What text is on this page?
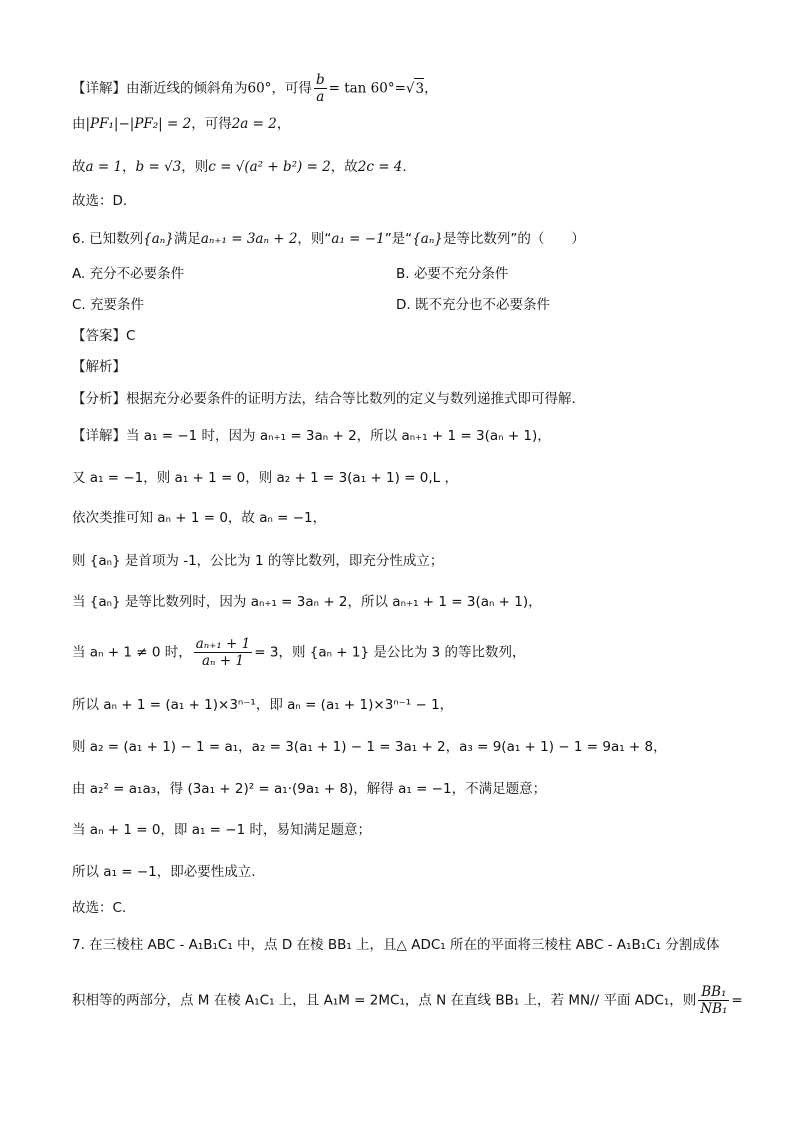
【详解】由渐近线的倾斜角为60°，可得 $\frac{b}{a} = \tan 60^\circ=√3$，
由|PF₁|−|PF₂| = 2，可得2a = 2，
故a = 1，b = √3，则c = √(a² + b²) = 2，故2c = 4.
故选：D.
6. 已知数列{aₙ}满足aₙ₊₁ = 3aₙ + 2，则“a₁ = −1”是“{aₙ}是等比数列”的（　　）
A. 充分不必要条件	B. 必要不充分条件
C. 充要条件	D. 既不充分也不必要条件
【答案】C
【解析】
【分析】根据充分必要条件的证明方法，结合等比数列的定义与数列递推式即可得解.
【详解】当 a₁ = −1 时，因为 aₙ₊₁ = 3aₙ + 2，所以 aₙ₊₁ + 1 = 3(aₙ + 1)，
又 a₁ = −1，则 a₁ + 1 = 0，则 a₂ + 1 = 3(a₁ + 1) = 0,L ，
依次类推可知 aₙ + 1 = 0，故 aₙ = −1，
则 {aₙ} 是首项为 -1，公比为 1 的等比数列，即充分性成立；
当 {aₙ} 是等比数列时，因为 aₙ₊₁ = 3aₙ + 2，所以 aₙ₊₁ + 1 = 3(aₙ + 1)，
当 aₙ + 1 ≠ 0 时， $\frac{\text{aₙ₊₁ + 1}}{\text{aₙ + 1}} = 3$，则 {aₙ + 1} 是公比为 3 的等比数列，
所以 aₙ + 1 = (a₁ + 1)×3ⁿ⁻¹，即 aₙ = (a₁ + 1)×3ⁿ⁻¹ − 1，
则 a₂ = (a₁ + 1) − 1 = a₁，a₂ = 3(a₁ + 1) − 1 = 3a₁ + 2，a₃ = 9(a₁ + 1) − 1 = 9a₁ + 8，
由 a₂² = a₁a₃，得 (3a₁ + 2)² = a₁·(9a₁ + 8)，解得 a₁ = −1，不满足题意；
当 aₙ + 1 = 0，即 a₁ = −1 时，易知满足题意；
所以 a₁ = −1，即必要性成立.
故选：C.
7. 在三棱柱 ABC - A₁B₁C₁ 中，点 D 在棱 BB₁ 上，且△ ADC₁ 所在的平面将三棱柱 ABC - A₁B₁C₁ 分割成体
积相等的两部分，点 M 在棱 A₁C₁ 上，且 A₁M = 2MC₁，点 N 在直线 BB₁ 上，若 MN// 平面 ADC₁，则 $\frac{\text{BB₁}}{\text{NB₁}}$ =
